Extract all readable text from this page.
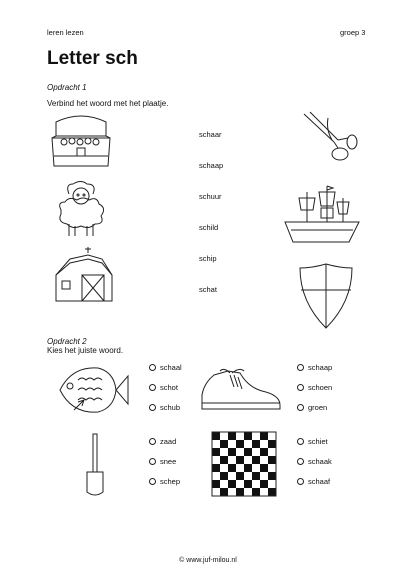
leren lezen	groep 3
Letter sch
Opdracht 1
Verbind het woord met het plaatje.
schaar
schaap
schuur
schild
schip
schat
Opdracht 2
Kies het juiste woord.
schaal
schot
schub
schaap
schoen
groen
zaad
snee
schep
schiet
schaak
schaaf
© www.juf-milou.nl
